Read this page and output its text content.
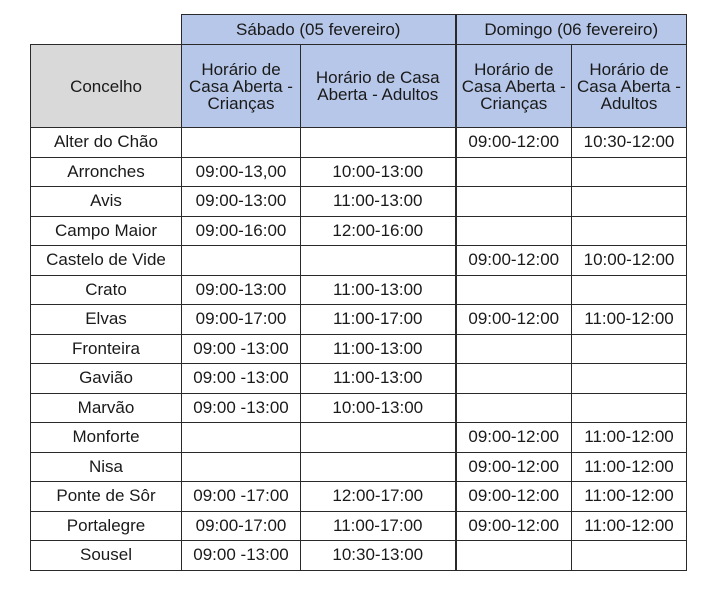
	Sábado (05 fevereiro)		Domingo (06 fevereiro)	
Concelho	Horário de Casa Aberta - Crianças	Horário de Casa Aberta - Adultos	Horário de Casa Aberta - Crianças	Horário de Casa Aberta - Adultos
Alter do Chão			09:00-12:00	10:30-12:00
Arronches	09:00-13,00	10:00-13:00		
Avis	09:00-13:00	11:00-13:00		
Campo Maior	09:00-16:00	12:00-16:00		
Castelo de Vide			09:00-12:00	10:00-12:00
Crato	09:00-13:00	11:00-13:00		
Elvas	09:00-17:00	11:00-17:00	09:00-12:00	11:00-12:00
Fronteira	09:00 -13:00	11:00-13:00		
Gavião	09:00 -13:00	11:00-13:00		
Marvão	09:00 -13:00	10:00-13:00		
Monforte			09:00-12:00	11:00-12:00
Nisa			09:00-12:00	11:00-12:00
Ponte de Sôr	09:00 -17:00	12:00-17:00	09:00-12:00	11:00-12:00
Portalegre	09:00-17:00	11:00-17:00	09:00-12:00	11:00-12:00
Sousel	09:00 -13:00	10:30-13:00		
